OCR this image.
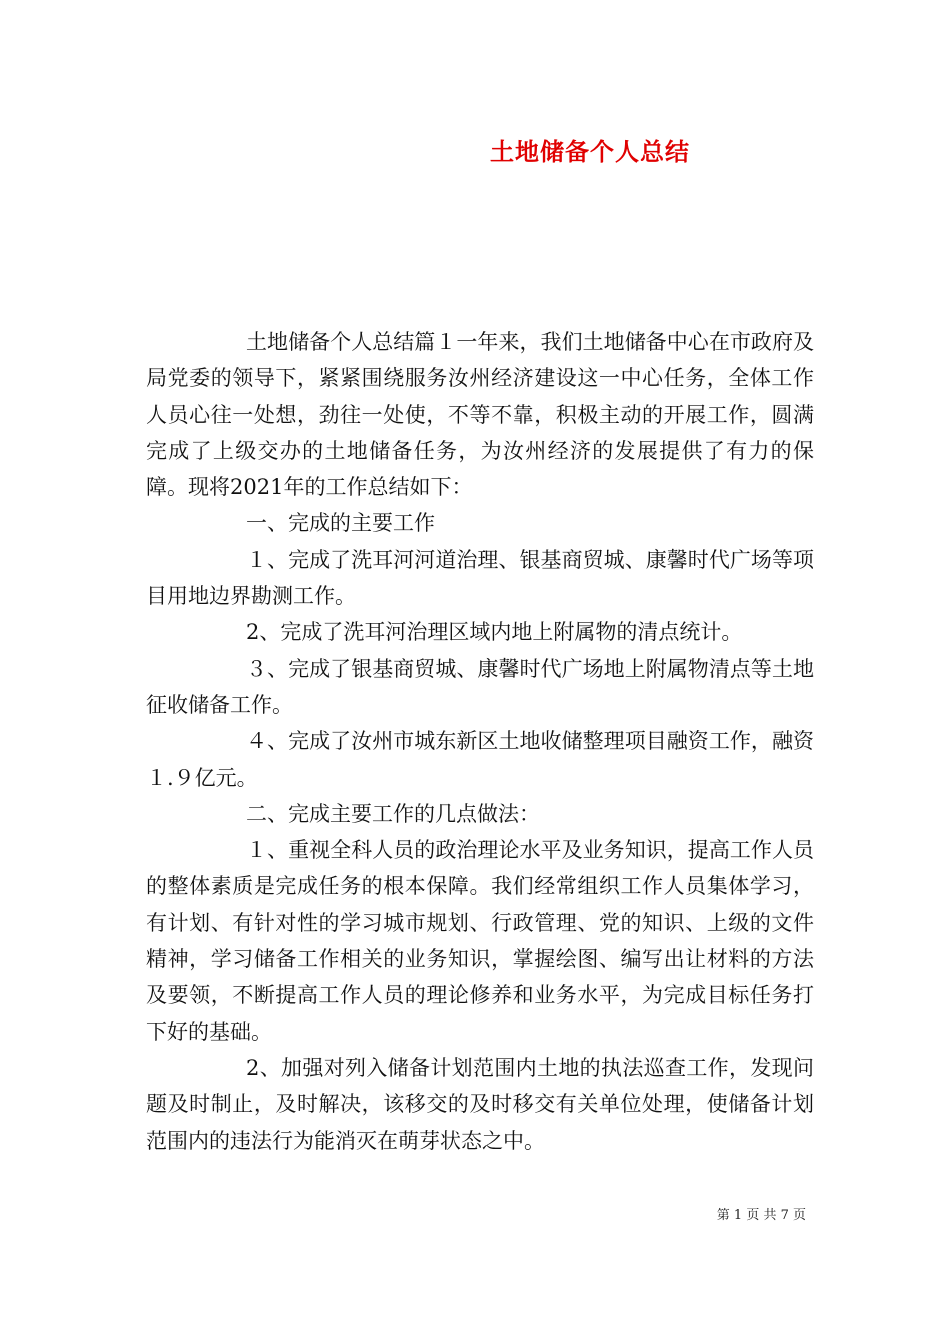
土地储备个人总结

土地储备个人总结篇１一年来，我们土地储备中心在市政府及局党委的领导下，紧紧围绕服务汝州经济建设这一中心任务，全体工作人员心往一处想，劲往一处使，不等不靠，积极主动的开展工作，圆满完成了上级交办的土地储备任务，为汝州经济的发展提供了有力的保障。现将2021年的工作总结如下：

一、完成的主要工作

１、完成了洗耳河河道治理、银基商贸城、康馨时代广场等项目用地边界勘测工作。

2、完成了洗耳河治理区域内地上附属物的清点统计。

３、完成了银基商贸城、康馨时代广场地上附属物清点等土地征收储备工作。

４、完成了汝州市城东新区土地收储整理项目融资工作，融资１.９亿元。

二、完成主要工作的几点做法：

１、重视全科人员的政治理论水平及业务知识，提高工作人员的整体素质是完成任务的根本保障。我们经常组织工作人员集体学习，有计划、有针对性的学习城市规划、行政管理、党的知识、上级的文件精神，学习储备工作相关的业务知识，掌握绘图、编写出让材料的方法及要领，不断提高工作人员的理论修养和业务水平，为完成目标任务打下好的基础。

2、加强对列入储备计划范围内土地的执法巡查工作，发现问题及时制止，及时解决，该移交的及时移交有关单位处理，使储备计划范围内的违法行为能消灭在萌芽状态之中。

第 1 页 共 7 页
